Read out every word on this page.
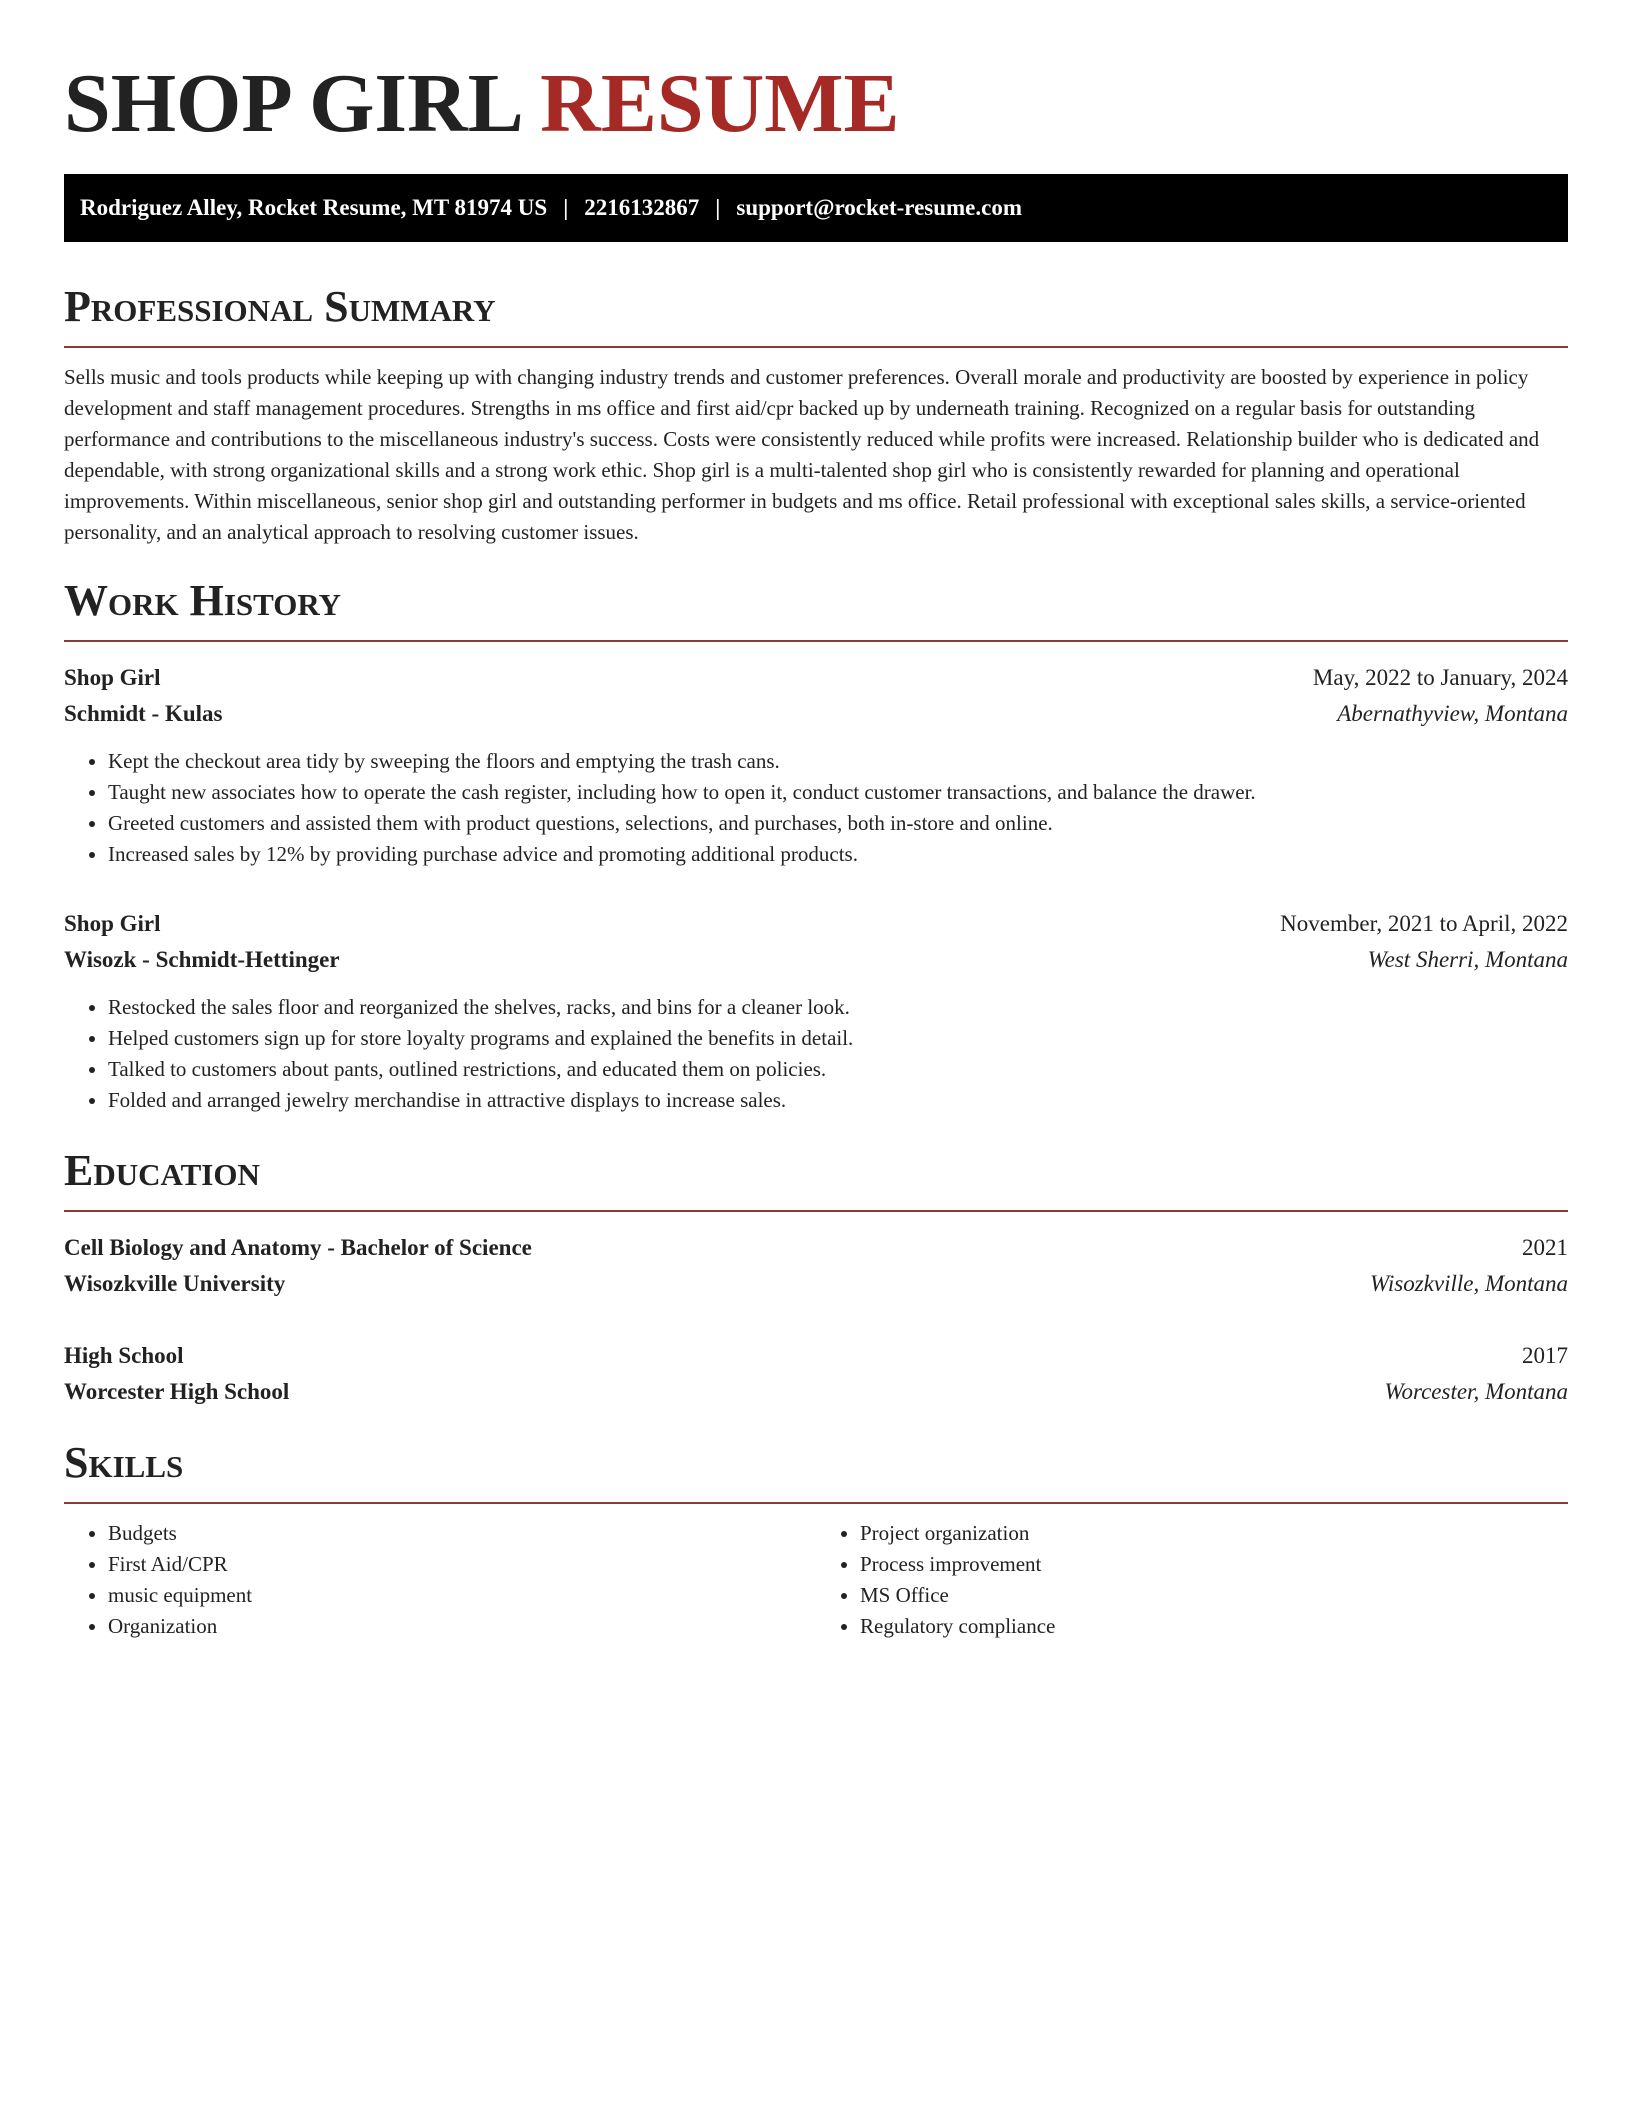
SHOP GIRL RESUME
Rodriguez Alley, Rocket Resume, MT 81974 US | 2216132867 | support@rocket-resume.com
Professional Summary

Sells music and tools products while keeping up with changing industry trends and customer preferences. Overall morale and productivity are boosted by experience in policy development and staff management procedures. Strengths in ms office and first aid/cpr backed up by underneath training. Recognized on a regular basis for outstanding performance and contributions to the miscellaneous industry's success. Costs were consistently reduced while profits were increased. Relationship builder who is dedicated and dependable, with strong organizational skills and a strong work ethic. Shop girl is a multi-talented shop girl who is consistently rewarded for planning and operational improvements. Within miscellaneous, senior shop girl and outstanding performer in budgets and ms office. Retail professional with exceptional sales skills, a service-oriented personality, and an analytical approach to resolving customer issues.

Work History
Shop Girl	May, 2022 to January, 2024
Schmidt - Kulas	Abernathyview, Montana
• Kept the checkout area tidy by sweeping the floors and emptying the trash cans.
• Taught new associates how to operate the cash register, including how to open it, conduct customer transactions, and balance the drawer.
• Greeted customers and assisted them with product questions, selections, and purchases, both in-store and online.
• Increased sales by 12% by providing purchase advice and promoting additional products.
Shop Girl	November, 2021 to April, 2022
Wisozk - Schmidt-Hettinger	West Sherri, Montana
• Restocked the sales floor and reorganized the shelves, racks, and bins for a cleaner look.
• Helped customers sign up for store loyalty programs and explained the benefits in detail.
• Talked to customers about pants, outlined restrictions, and educated them on policies.
• Folded and arranged jewelry merchandise in attractive displays to increase sales.
Education
Cell Biology and Anatomy - Bachelor of Science	2021
Wisozkville University	Wisozkville, Montana
High School	2017
Worcester High School	Worcester, Montana
Skills
• Budgets
• First Aid/CPR
• music equipment
• Organization
• Project organization
• Process improvement
• MS Office
• Regulatory compliance
